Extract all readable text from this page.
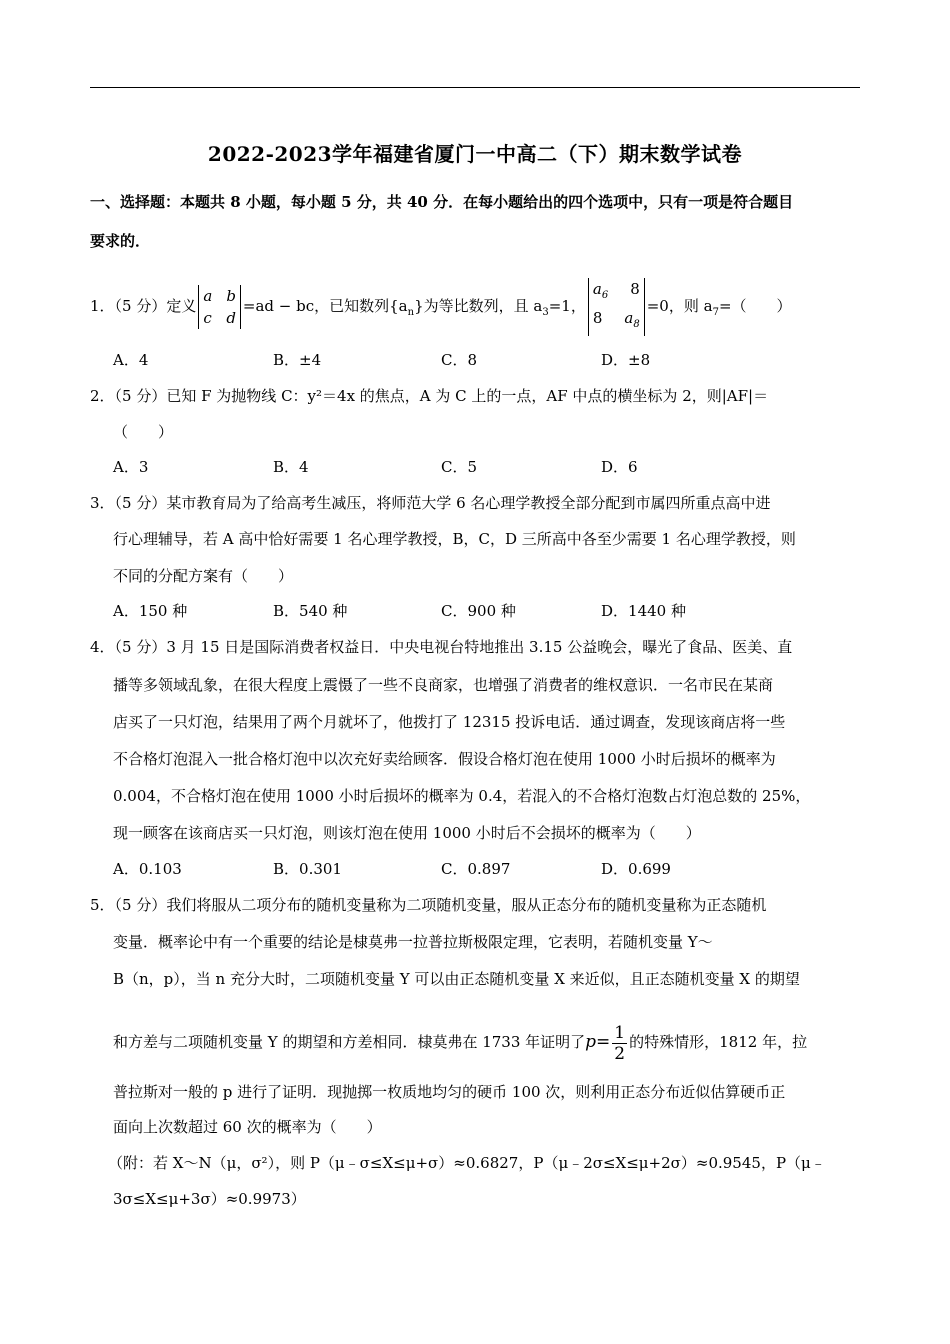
2022-2023学年福建省厦门一中高二（下）期末数学试卷
一、选择题：本题共 8 小题，每小题 5 分，共 40 分．在每小题给出的四个选项中，只有一项是符合题目
要求的．
1．（5 分）定义
a b
c d
=ad − bc，已知数列$\{a_n\}$为等比数列，且 $a_3=1$，
$a_6$ 8
8 $a_8$
=0，则 $a_7=$（　　）
A．4	B．±4	C．8	D．±8
2．（5 分）已知 F 为抛物线 C：y²＝4x 的焦点，A 为 C 上的一点，AF 中点的横坐标为 2，则|AF|＝
（　　）
A．3	B．4	C．5	D．6
3．（5 分）某市教育局为了给高考生减压，将师范大学 6 名心理学教授全部分配到市属四所重点高中进
行心理辅导，若 A 高中恰好需要 1 名心理学教授，B，C，D 三所高中各至少需要 1 名心理学教授，则
不同的分配方案有（　　）
A．150 种	B．540 种	C．900 种	D．1440 种
4．（5 分）3 月 15 日是国际消费者权益日．中央电视台特地推出 3.15 公益晚会，曝光了食品、医美、直
播等多领域乱象，在很大程度上震慑了一些不良商家，也增强了消费者的维权意识．一名市民在某商
店买了一只灯泡，结果用了两个月就坏了，他拨打了 12315 投诉电话．通过调查，发现该商店将一些
不合格灯泡混入一批合格灯泡中以次充好卖给顾客．假设合格灯泡在使用 1000 小时后损坏的概率为
0.004，不合格灯泡在使用 1000 小时后损坏的概率为 0.4，若混入的不合格灯泡数占灯泡总数的 25%，
现一顾客在该商店买一只灯泡，则该灯泡在使用 1000 小时后不会损坏的概率为（　　）
A．0.103	B．0.301	C．0.897	D．0.699
5．（5 分）我们将服从二项分布的随机变量称为二项随机变量，服从正态分布的随机变量称为正态随机
变量．概率论中有一个重要的结论是棣莫弗一拉普拉斯极限定理，它表明，若随机变量 Y～
B（n，p），当 n 充分大时，二项随机变量 Y 可以由正态随机变量 X 来近似，且正态随机变量 X 的期望
和方差与二项随机变量 Y 的期望和方差相同．棣莫弗在 1733 年证明了$p= \frac{1}{2}$ 的特殊情形，1812 年，拉
普拉斯对一般的 p 进行了证明．现抛掷一枚质地均匀的硬币 100 次，则利用正态分布近似估算硬币正
面向上次数超过 60 次的概率为（　　）
（附：若 X～N（μ，σ²），则 P（μ﹣σ≤X≤μ+σ）≈0.6827，P（μ﹣2σ≤X≤μ+2σ）≈0.9545，P（μ﹣
3σ≤X≤μ+3σ）≈0.9973）
